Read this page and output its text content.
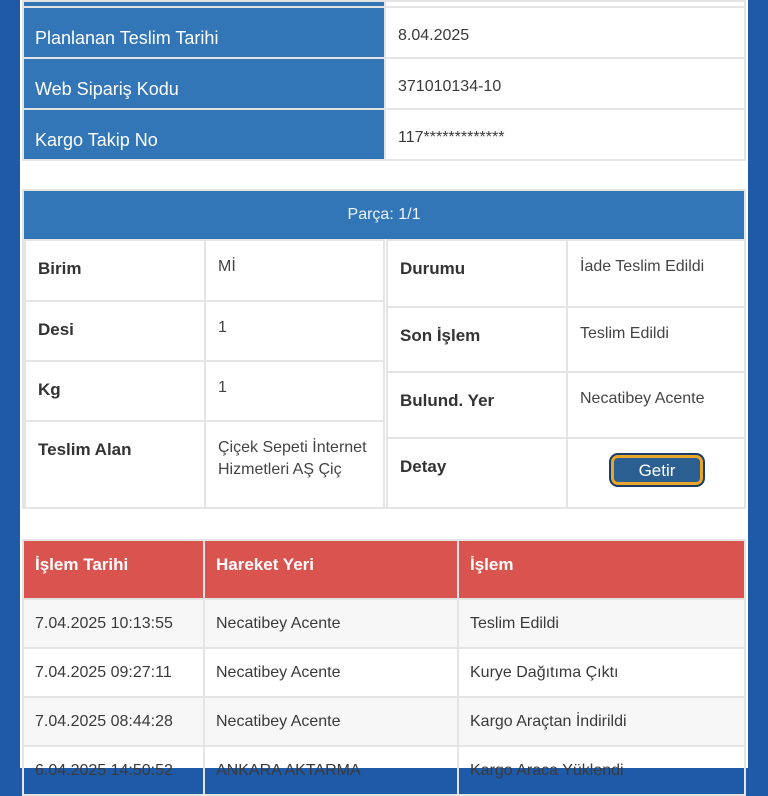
Planlanan Teslim Tarihi	8.04.2025
Web Sipariş Kodu	371010134-10
Kargo Takip No	117*************
Parça: 1/1
Birim	Mİ
Desi	1
Kg	1
Teslim Alan	Çiçek Sepeti İnternet Hizmetleri AŞ Çiç
Durumu	İade Teslim Edildi
Son İşlem	Teslim Edildi
Bulund. Yer	Necatibey Acente
Detay	Getir
İşlem Tarihi	Hareket Yeri	İşlem
7.04.2025 10:13:55	Necatibey Acente	Teslim Edildi
7.04.2025 09:27:11	Necatibey Acente	Kurye Dağıtıma Çıktı
7.04.2025 08:44:28	Necatibey Acente	Kargo Araçtan İndirildi
6.04.2025 14:50:52	ANKARA AKTARMA	Kargo Araca Yüklendi
